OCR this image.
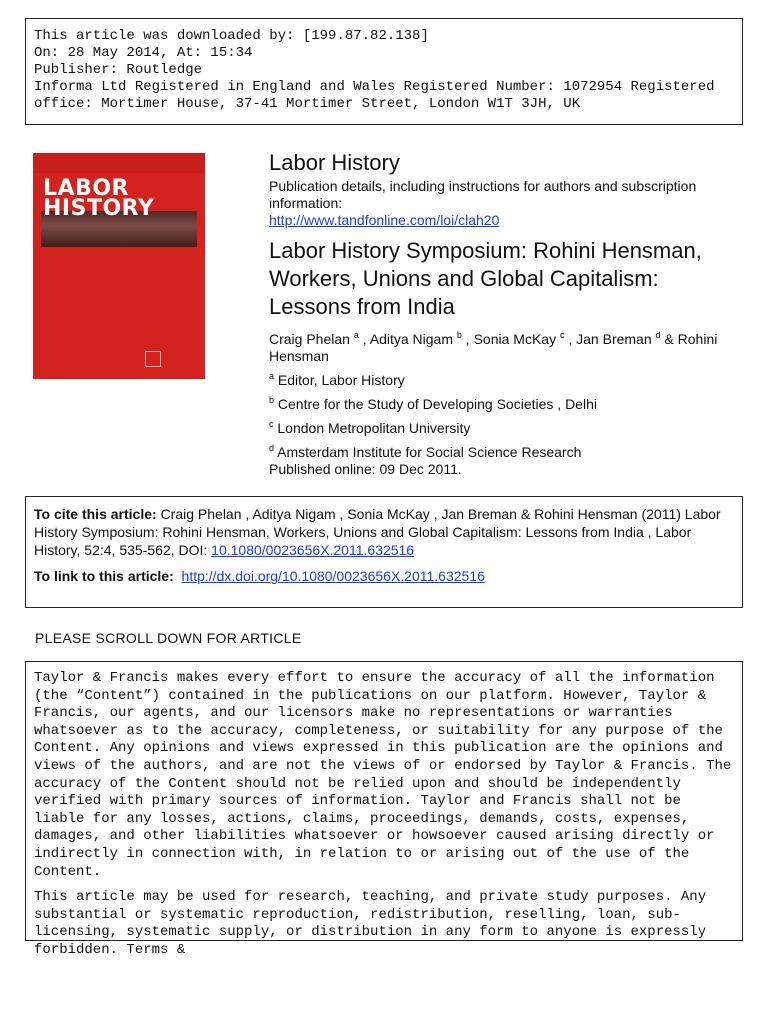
This article was downloaded by: [199.87.82.138]
On: 28 May 2014, At: 15:34
Publisher: Routledge
Informa Ltd Registered in England and Wales Registered Number: 1072954 Registered
office: Mortimer House, 37-41 Mortimer Street, London W1T 3JH, UK
LABOR
HISTORY
Labor History
Publication details, including instructions for authors and subscription information:
http://www.tandfonline.com/loi/clah20
Labor History Symposium: Rohini Hensman, Workers, Unions and Global Capitalism: Lessons from India
Craig Phelan $^a$ , Aditya Nigam $^b$ , Sonia McKay $^c$ , Jan Breman $^d$ & Rohini Hensman
$^a$ Editor, Labor History
$^b$ Centre for the Study of Developing Societies , Delhi
$^c$ London Metropolitan University
$^d$ Amsterdam Institute for Social Science Research
Published online: 09 Dec 2011.
To cite this article: Craig Phelan , Aditya Nigam , Sonia McKay , Jan Breman & Rohini Hensman (2011) Labor History Symposium: Rohini Hensman, Workers, Unions and Global Capitalism: Lessons from India , Labor History, 52:4, 535-562, DOI: 10.1080/0023656X.2011.632516
To link to this article: http://dx.doi.org/10.1080/0023656X.2011.632516
PLEASE SCROLL DOWN FOR ARTICLE

Taylor & Francis makes every effort to ensure the accuracy of all the information (the “Content”) contained in the publications on our platform. However, Taylor & Francis, our agents, and our licensors make no representations or warranties whatsoever as to the accuracy, completeness, or suitability for any purpose of the Content. Any opinions and views expressed in this publication are the opinions and views of the authors, and are not the views of or endorsed by Taylor & Francis. The accuracy of the Content should not be relied upon and should be independently verified with primary sources of information. Taylor and Francis shall not be liable for any losses, actions, claims, proceedings, demands, costs, expenses, damages, and other liabilities whatsoever or howsoever caused arising directly or indirectly in connection with, in relation to or arising out of the use of the Content.

This article may be used for research, teaching, and private study purposes. Any substantial or systematic reproduction, redistribution, reselling, loan, sub-licensing, systematic supply, or distribution in any form to anyone is expressly forbidden. Terms &
